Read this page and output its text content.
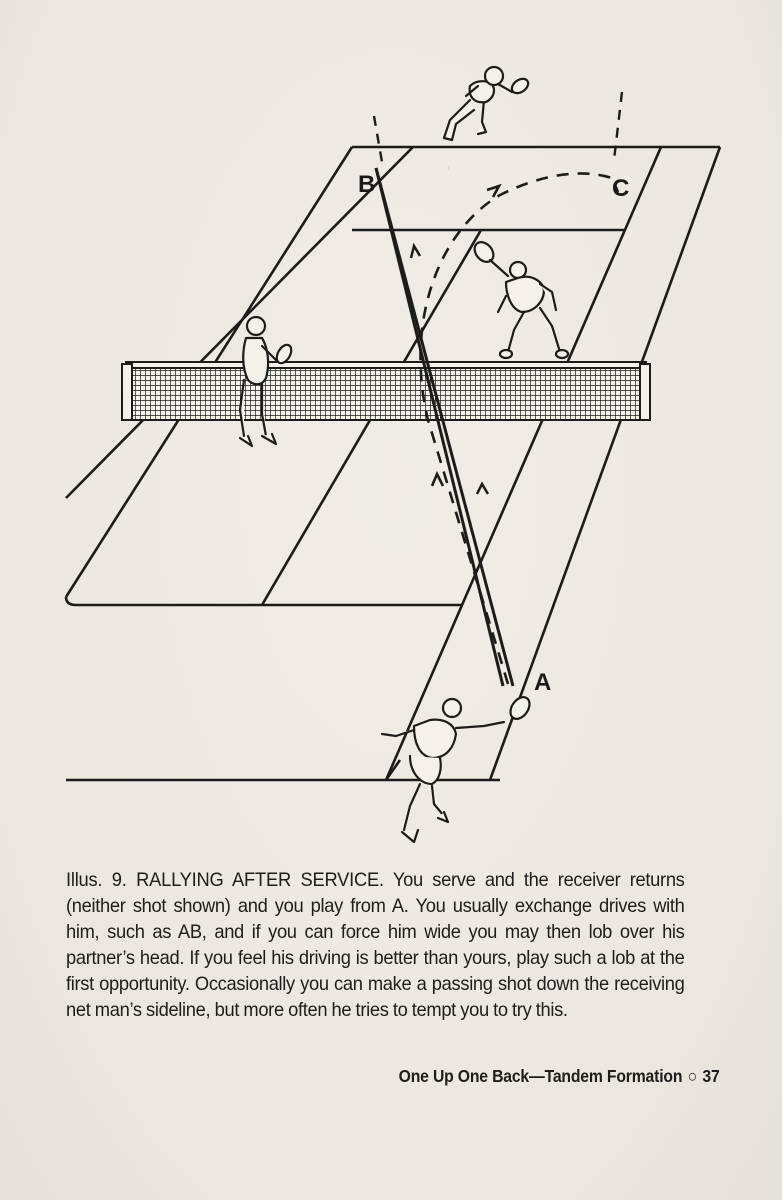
B	C
A

Illus. 9. RALLYING AFTER SERVICE. You serve and the receiver returns (neither shot shown) and you play from A. You usually exchange drives with him, such as AB, and if you can force him wide you may then lob over his partner’s head. If you feel his driving is better than yours, play such a lob at the first opportunity. Occasionally you can make a passing shot down the receiving net man’s sideline, but more often he tries to tempt you to try this.

One Up One Back—Tandem Formation ○ 37
